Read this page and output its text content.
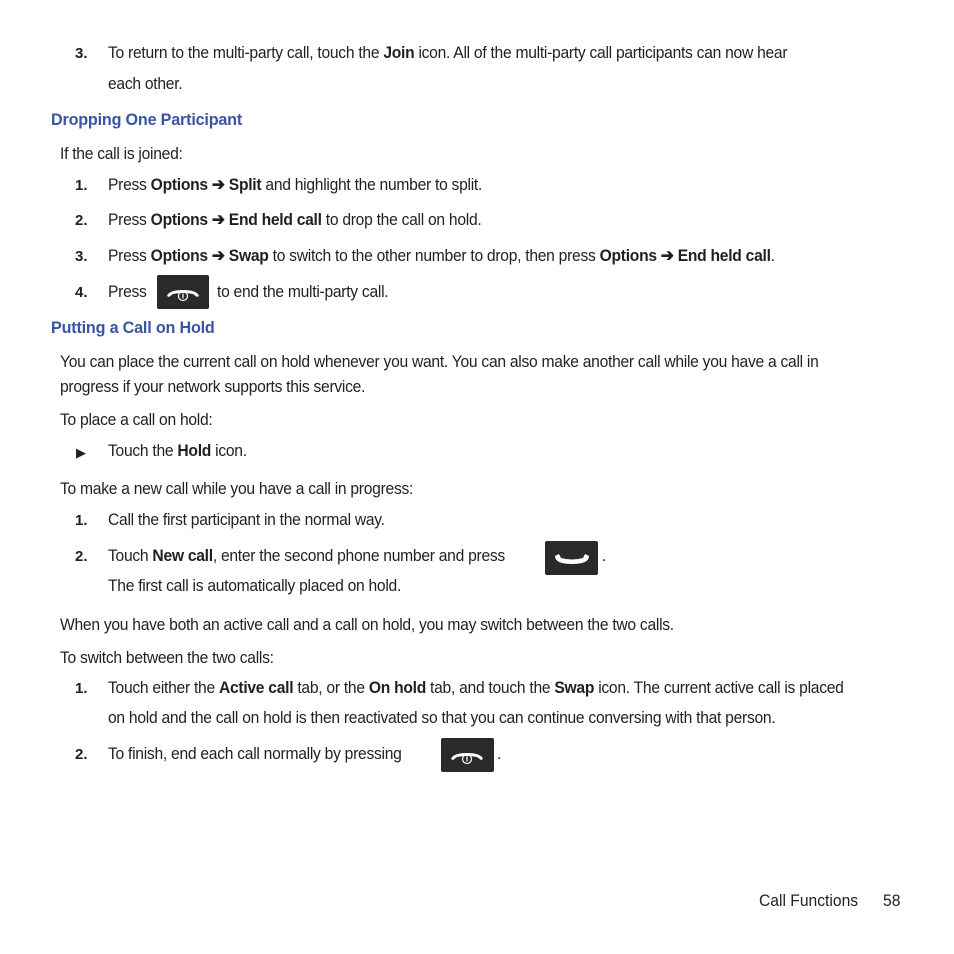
3. To return to the multi-party call, touch the Join icon. All of the multi-party call participants can now hear
each other.
Dropping One Participant
If the call is joined:
1. Press Options ➔ Split and highlight the number to split.
2. Press Options ➔ End held call to drop the call on hold.
3. Press Options ➔ Swap to switch to the other number to drop, then press Options ➔ End held call.
4. Press	to end the multi-party call.
Putting a Call on Hold
You can place the current call on hold whenever you want. You can also make another call while you have a call in
progress if your network supports this service.
To place a call on hold:
▶ Touch the Hold icon.
To make a new call while you have a call in progress:
1. Call the first participant in the normal way.
2. Touch New call, enter the second phone number and press	.
The first call is automatically placed on hold.
When you have both an active call and a call on hold, you may switch between the two calls.
To switch between the two calls:
1. Touch either the Active call tab, or the On hold tab, and touch the Swap icon. The current active call is placed
on hold and the call on hold is then reactivated so that you can continue conversing with that person.
2. To finish, end each call normally by pressing	.
Call Functions 58
